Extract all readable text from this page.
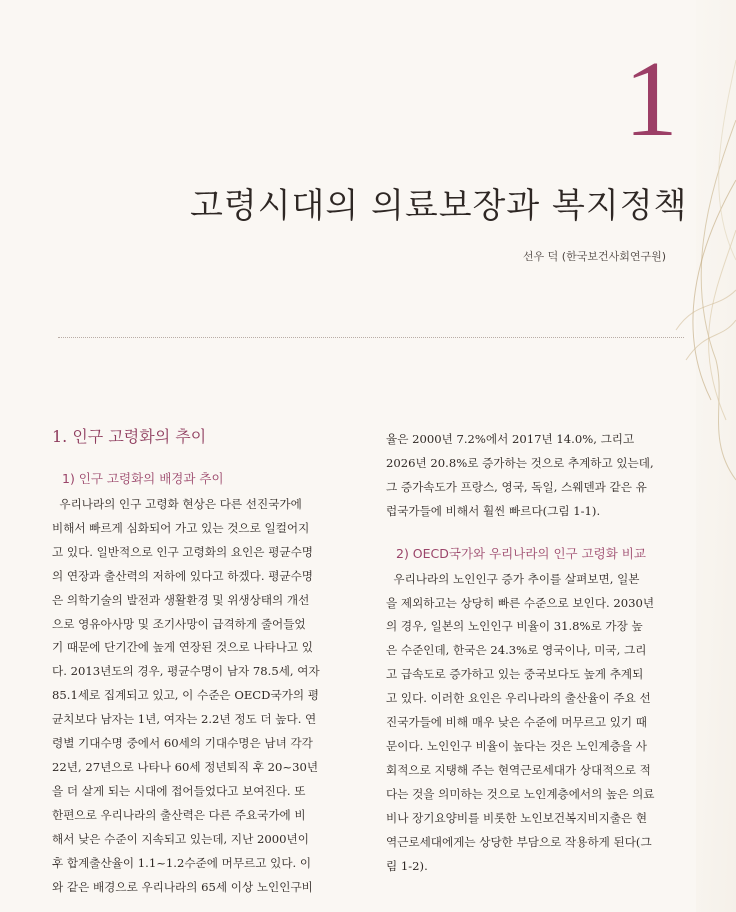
1
고령시대의 의료보장과 복지정책
선우 덕 (한국보건사회연구원)
1. 인구 고령화의 추이
1) 인구 고령화의 배경과 추이
우리나라의 인구 고령화 현상은 다른 선진국가에
비해서 빠르게 심화되어 가고 있는 것으로 일컬어지
고 있다. 일반적으로 인구 고령화의 요인은 평균수명
의 연장과 출산력의 저하에 있다고 하겠다. 평균수명
은 의학기술의 발전과 생활환경 및 위생상태의 개선
으로 영유아사망 및 조기사망이 급격하게 줄어들었
기 때문에 단기간에 높게 연장된 것으로 나타나고 있
다. 2013년도의 경우, 평균수명이 남자 78.5세, 여자
85.1세로 집계되고 있고, 이 수준은 OECD국가의 평
균치보다 남자는 1년, 여자는 2.2년 정도 더 높다. 연
령별 기대수명 중에서 60세의 기대수명은 남녀 각각
22년, 27년으로 나타나 60세 정년퇴직 후 20~30년
을 더 살게 되는 시대에 접어들었다고 보여진다. 또
한편으로 우리나라의 출산력은 다른 주요국가에 비
해서 낮은 수준이 지속되고 있는데, 지난 2000년이
후 합계출산율이 1.1~1.2수준에 머무르고 있다. 이
와 같은 배경으로 우리나라의 65세 이상 노인인구비
율은 2000년 7.2%에서 2017년 14.0%, 그리고
2026년 20.8%로 증가하는 것으로 추계하고 있는데,
그 증가속도가 프랑스, 영국, 독일, 스웨덴과 같은 유
럽국가들에 비해서 훨씬 빠르다(그림 1-1).
2) OECD국가와 우리나라의 인구 고령화 비교
우리나라의 노인인구 증가 추이를 살펴보면, 일본
을 제외하고는 상당히 빠른 수준으로 보인다. 2030년
의 경우, 일본의 노인인구 비율이 31.8%로 가장 높
은 수준인데, 한국은 24.3%로 영국이나, 미국, 그리
고 급속도로 증가하고 있는 중국보다도 높게 추계되
고 있다. 이러한 요인은 우리나라의 출산율이 주요 선
진국가들에 비해 매우 낮은 수준에 머무르고 있기 때
문이다. 노인인구 비율이 높다는 것은 노인계층을 사
회적으로 지탱해 주는 현역근로세대가 상대적으로 적
다는 것을 의미하는 것으로 노인계층에서의 높은 의료
비나 장기요양비를 비롯한 노인보건복지비지출은 현
역근로세대에게는 상당한 부담으로 작용하게 된다(그
림 1-2).
